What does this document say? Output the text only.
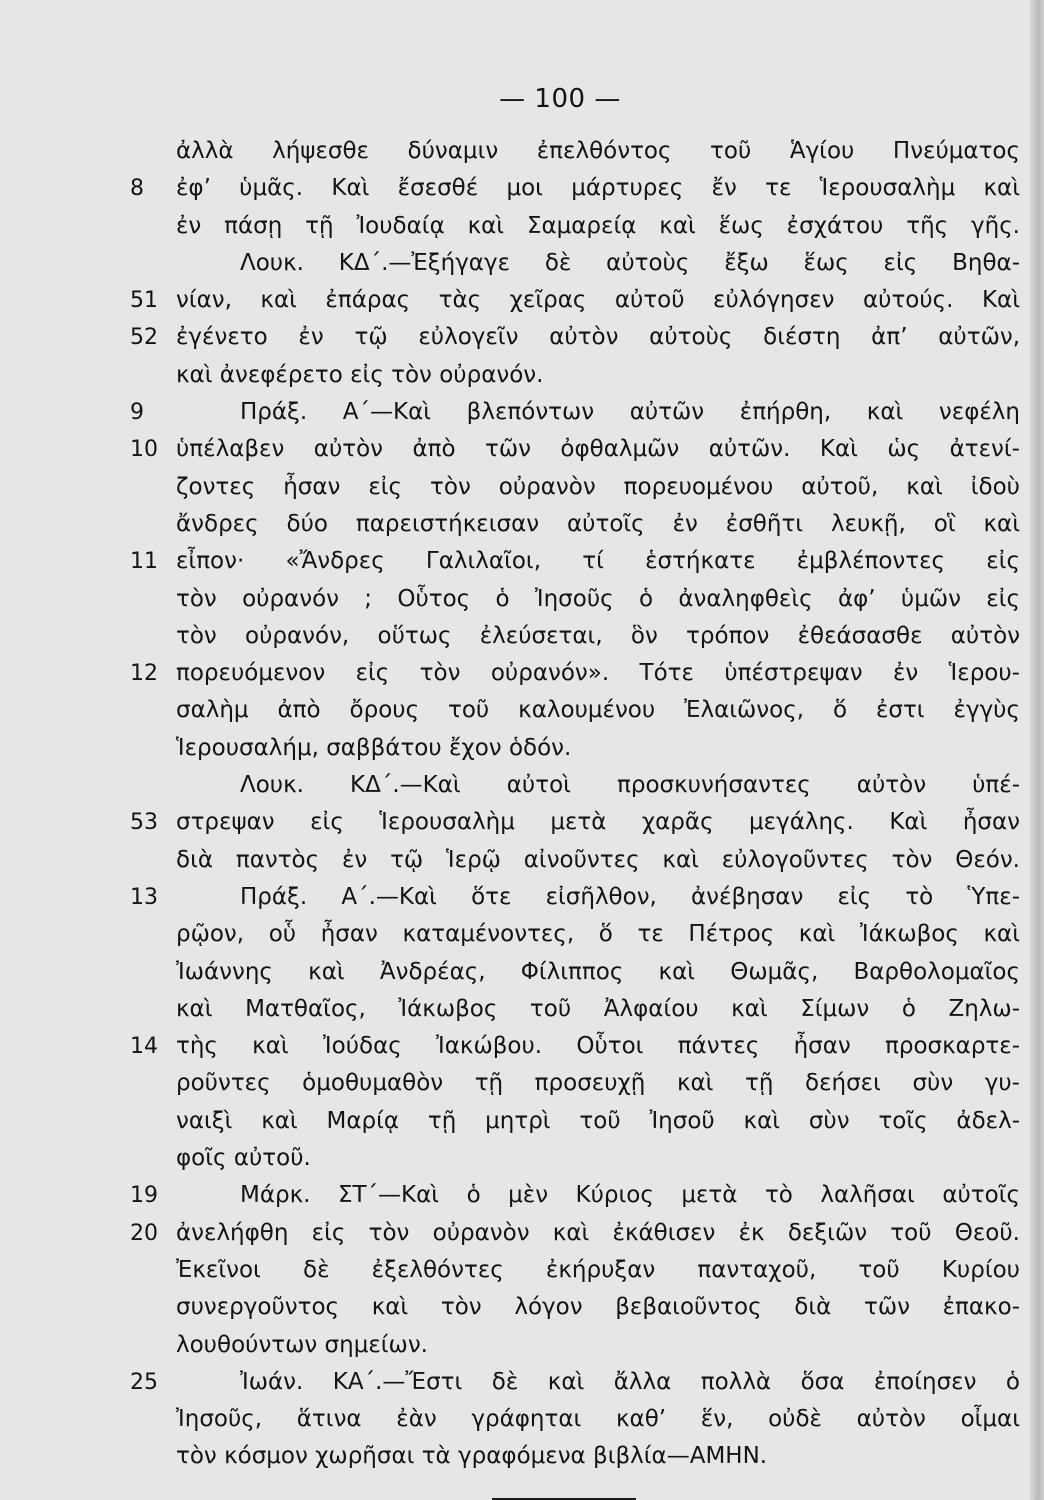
— 100 —
ἀλλὰ λήψεσθε δύναμιν ἐπελθόντος τοῦ Ἁγίου Πνεύματος
8	ἐφ’ ὑμᾶς. Καὶ ἔσεσθέ μοι μάρτυρες ἔν τε Ἱερουσαλὴμ καὶ
ἐν πάσῃ τῇ Ἰουδαίᾳ καὶ Σαμαρείᾳ καὶ ἕως ἐσχάτου τῆς γῆς.
Λουκ. ΚΔ΄.—Ἐξήγαγε δὲ αὐτοὺς ἔξω ἕως εἰς Βηθα-
51 νίαν, καὶ ἐπάρας τὰς χεῖρας αὐτοῦ εὐλόγησεν αὐτούς. Καὶ
52 ἐγένετο ἐν τῷ εὐλογεῖν αὐτὸν αὐτοὺς διέστη ἀπ’ αὐτῶν,
καὶ ἀνεφέρετο εἰς τὸν οὐρανόν.
9	Πράξ. Α΄—Καὶ βλεπόντων αὐτῶν ἐπήρθη, καὶ νεφέλη
10 ὑπέλαβεν αὐτὸν ἀπὸ τῶν ὀφθαλμῶν αὐτῶν. Καὶ ὡς ἀτενί-
ζοντες ἦσαν εἰς τὸν οὐρανὸν πορευομένου αὐτοῦ, καὶ ἰδοὺ
ἄνδρες δύο παρειστήκεισαν αὐτοῖς ἐν ἐσθῆτι λευκῇ, οἳ καὶ
11 εἶπον· «Ἄνδρες Γαλιλαῖοι, τί ἑστήκατε ἐμβλέποντες εἰς
τὸν οὐρανόν ; Οὗτος ὁ Ἰησοῦς ὁ ἀναληφθεὶς ἀφ’ ὑμῶν εἰς
τὸν οὐρανόν, οὕτως ἐλεύσεται, ὃν τρόπον ἐθεάσασθε αὐτὸν
12 πορευόμενον εἰς τὸν οὐρανόν». Τότε ὑπέστρεψαν ἐν Ἱερου-
σαλὴμ ἀπὸ ὄρους τοῦ καλουμένου Ἐλαιῶνος, ὅ ἐστι ἐγγὺς
Ἱερουσαλήμ, σαββάτου ἔχον ὁδόν.
Λουκ. ΚΔ΄.—Καὶ αὐτοὶ προσκυνήσαντες αὐτὸν ὑπέ-
53 στρεψαν εἰς Ἱερουσαλὴμ μετὰ χαρᾶς μεγάλης. Καὶ ἦσαν
διὰ παντὸς ἐν τῷ Ἱερῷ αἰνοῦντες καὶ εὐλογοῦντες τὸν Θεόν.
13	Πράξ. Α΄.—Καὶ ὅτε εἰσῆλθον, ἀνέβησαν εἰς τὸ Ὑπε-
ρῷον, οὗ ἦσαν καταμένοντες, ὅ τε Πέτρος καὶ Ἰάκωβος καὶ
Ἰωάννης καὶ Ἀνδρέας, Φίλιππος καὶ Θωμᾶς, Βαρθολομαῖος
καὶ Ματθαῖος, Ἰάκωβος τοῦ Ἀλφαίου καὶ Σίμων ὁ Ζηλω-
14 τὴς καὶ Ἰούδας Ἰακώβου. Οὗτοι πάντες ἦσαν προσκαρτε-
ροῦντες ὁμοθυμαθὸν τῇ προσευχῇ καὶ τῇ δεήσει σὺν γυ-
ναιξὶ καὶ Μαρίᾳ τῇ μητρὶ τοῦ Ἰησοῦ καὶ σὺν τοῖς ἀδελ-
φοῖς αὐτοῦ.
19	Μάρκ. ΣΤ΄—Καὶ ὁ μὲν Κύριος μετὰ τὸ λαλῆσαι αὐτοῖς
20 ἀνελήφθη εἰς τὸν οὐρανὸν καὶ ἐκάθισεν ἐκ δεξιῶν τοῦ Θεοῦ.
Ἐκεῖνοι δὲ ἐξελθόντες ἐκήρυξαν πανταχοῦ, τοῦ Κυρίου
συνεργοῦντος καὶ τὸν λόγον βεβαιοῦντος διὰ τῶν ἐπακο-
λουθούντων σημείων.
25	Ἰωάν. ΚΑ΄.—Ἔστι δὲ καὶ ἄλλα πολλὰ ὅσα ἐποίησεν ὁ
Ἰησοῦς, ἅτινα ἐὰν γράφηται καθ’ ἕν, οὐδὲ αὐτὸν οἶμαι
τὸν κόσμον χωρῆσαι τὰ γραφόμενα βιβλία—ΑΜΗΝ.
